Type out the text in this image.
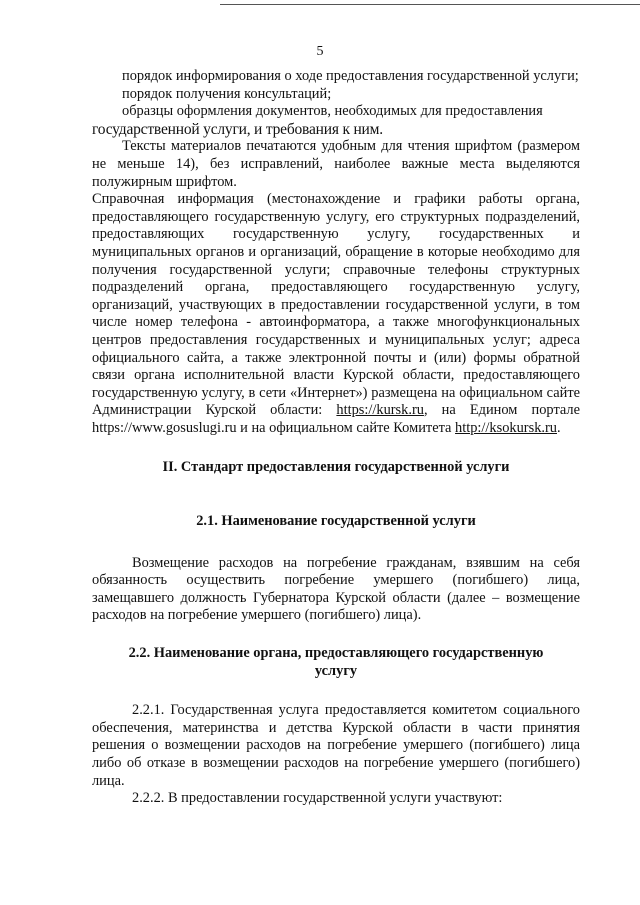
5

порядок информирования о ходе предоставления государственной услуги;

порядок получения консультаций;

образцы оформления документов, необходимых для предоставления

государственной услуги, и требования к ним.

Тексты материалов печатаются удобным для чтения шрифтом (размером не меньше 14), без исправлений, наиболее важные места выделяются полужирным шрифтом.

Справочная информация (местонахождение и графики работы органа, предоставляющего государственную услугу, его структурных подразделений, предоставляющих государственную услугу, государственных и муниципальных органов и организаций, обращение в которые необходимо для получения государственной услуги; справочные телефоны структурных подразделений органа, предоставляющего государственную услугу, организаций, участвующих в предоставлении государственной услуги, в том числе номер телефона - автоинформатора, а также многофункциональных центров предоставления государственных и муниципальных услуг; адреса официального сайта, а также электронной почты и (или) формы обратной связи органа исполнительной власти Курской области, предоставляющего государственную услугу, в сети «Интернет») размещена на официальном сайте Администрации Курской области: https://kursk.ru, на Едином портале https://www.gosuslugi.ru и на официальном сайте Комитета http://ksokursk.ru.

II. Стандарт предоставления государственной услуги

2.1. Наименование государственной услуги

Возмещение расходов на погребение гражданам, взявшим на себя обязанность осуществить погребение умершего (погибшего) лица, замещавшего должность Губернатора Курской области (далее – возмещение расходов на погребение умершего (погибшего) лица).

2.2. Наименование органа, предоставляющего государственную

услугу

2.2.1. Государственная услуга предоставляется комитетом социального обеспечения, материнства и детства Курской области в части принятия решения о возмещении расходов на погребение умершего (погибшего) лица либо об отказе в возмещении расходов на погребение умершего (погибшего) лица.

2.2.2. В предоставлении государственной услуги участвуют:
